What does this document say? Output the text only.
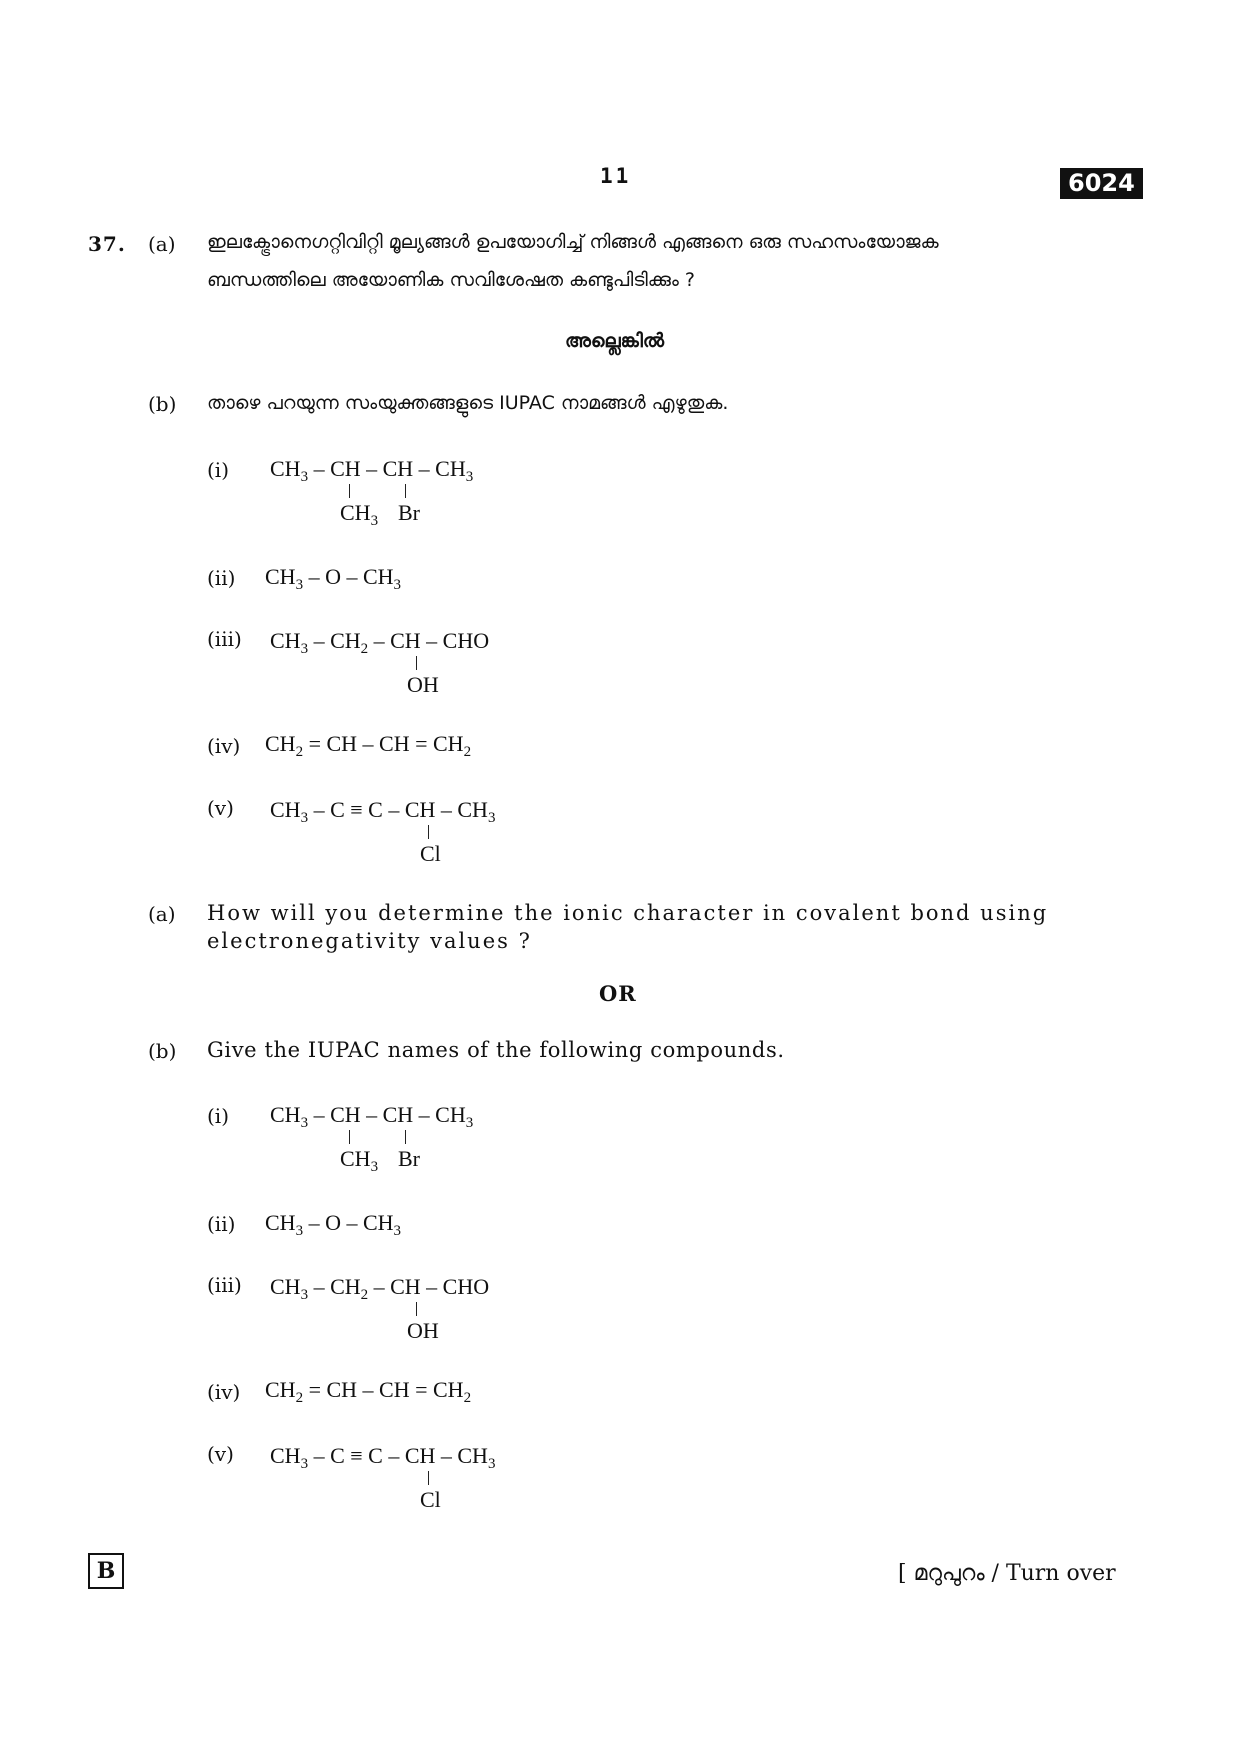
11	6024
37. (a) ഇലക്ട്രോനെഗറ്റിവിറ്റി മൂല്യങ്ങൾ ഉപയോഗിച്ച് നിങ്ങൾ എങ്ങനെ ഒരു സഹസംയോജക
ബന്ധത്തിലെ അയോണിക സവിശേഷത കണ്ടുപിടിക്കും ?
അല്ലെങ്കിൽ
(b) താഴെ പറയുന്ന സംയുക്തങ്ങളുടെ IUPAC നാമങ്ങൾ എഴുതുക.
(i) $CH_3$ – CH – CH – $CH_3$
$CH_3$ Br
(ii) $CH_3$ – O – $CH_3$
(iii) $CH_3 - CH_2$ – CH – CHO
OH
(iv) $CH_2$ = CH – CH = $CH_2$
(v) $CH_3 - C \equiv C$ – CH – $CH_3$
Cl
(a) How will you determine the ionic character in covalent bond using
electronegativity values ?
OR
(b) Give the IUPAC names of the following compounds.
(i) $CH_3$ – CH – CH – $CH_3$
$CH_3$ Br
(ii) $CH_3$ – O – $CH_3$
(iii) $CH_3 - CH_2$ – CH – CHO
OH
(iv) $CH_2$ = CH – CH = $CH_2$
(v) $CH_3 - C \equiv C$ – CH – $CH_3$
Cl
B	[ മറുപുറം / Turn over
